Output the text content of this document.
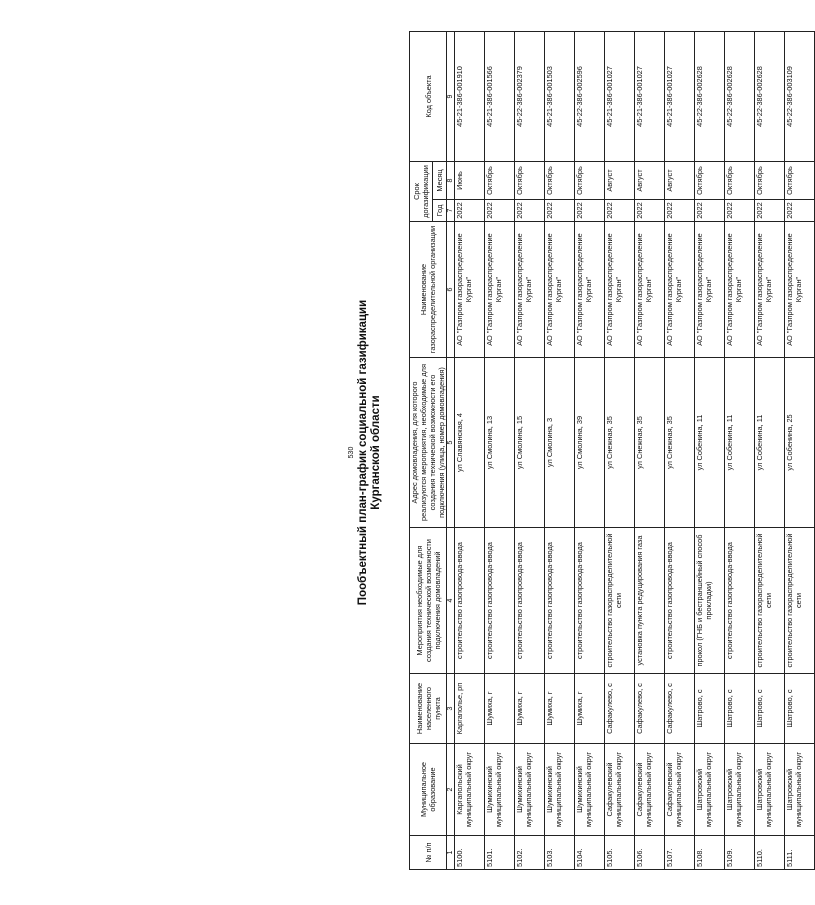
530 Пообъектный план-график социальной газификации Курганской области
№ п/п	Муниципальное образование	Наименование населенного пункта	Мероприятия необходимые для создания технической возможности подключения домовладений	Адрес домовладения, для которого реализуются мероприятия, необходимые для создания технической возможности его подключения (улица, номер домовладения)	Наименование газораспределительной организации	Срок догазификации		Код объекта
						Год	Месяц	
1	2	3	4	5	6	7	8	9
5100.	Каргапольский муниципальный округ	Каргаполье, рп	строительство газопровода-ввода	ул Славянская, 4	АО "Газпром газораспределение Курган"	2022	Июнь	45-21-386-001910
5101.	Шумихинский муниципальный округ	Шумиха, г	строительство газопровода-ввода	ул Смолина, 13	АО "Газпром газораспределение Курган"	2022	Октябрь	45-21-386-001566
5102.	Шумихинский муниципальный округ	Шумиха, г	строительство газопровода-ввода	ул Смолина, 15	АО "Газпром газораспределение Курган"	2022	Октябрь	45-22-386-002379
5103.	Шумихинский муниципальный округ	Шумиха, г	строительство газопровода-ввода	ул Смолина, 3	АО "Газпром газораспределение Курган"	2022	Октябрь	45-21-386-001503
5104.	Шумихинский муниципальный округ	Шумиха, г	строительство газопровода-ввода	ул Смолина, 39	АО "Газпром газораспределение Курган"	2022	Октябрь	45-22-386-002596
5105.	Сафакулевский муниципальный округ	Сафакулево, с	строительство газораспределительной сети	ул Снежная, 35	АО "Газпром газораспределение Курган"	2022	Август	45-21-386-001027
5106.	Сафакулевский муниципальный округ	Сафакулево, с	установка пункта редуцирования газа	ул Снежная, 35	АО "Газпром газораспределение Курган"	2022	Август	45-21-386-001027
5107.	Сафакулевский муниципальный округ	Сафакулево, с	строительство газопровода-ввода	ул Снежная, 35	АО "Газпром газораспределение Курган"	2022	Август	45-21-386-001027
5108.	Шатровский муниципальный округ	Шатрово, с	прокол (ГНБ и бестраншейный способ прокладки)	ул Собенина, 11	АО "Газпром газораспределение Курган"	2022	Октябрь	45-22-386-002628
5109.	Шатровский муниципальный округ	Шатрово, с	строительство газопровода-ввода	ул Собенина, 11	АО "Газпром газораспределение Курган"	2022	Октябрь	45-22-386-002628
5110.	Шатровский муниципальный округ	Шатрово, с	строительство газораспределительной сети	ул Собенина, 11	АО "Газпром газораспределение Курган"	2022	Октябрь	45-22-386-002628
5111.	Шатровский муниципальный округ	Шатрово, с	строительство газораспределительной сети	ул Собенина, 25	АО "Газпром газораспределение Курган"	2022	Октябрь	45-22-386-003109
